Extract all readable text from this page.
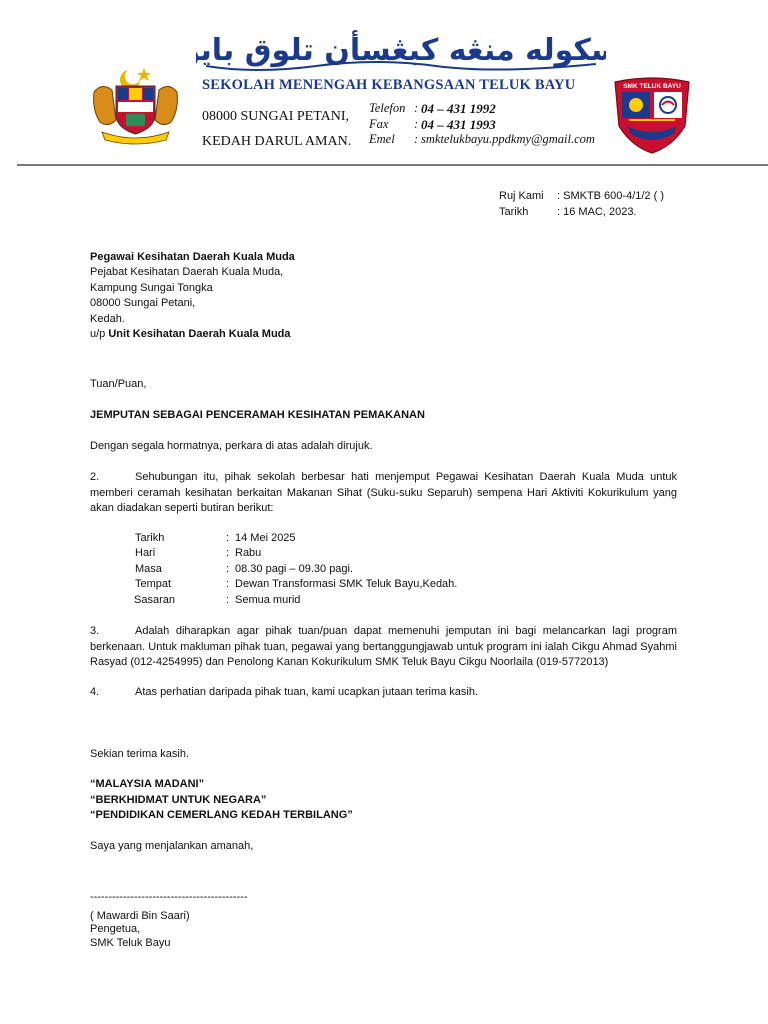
سكوله منڠه كبڠسأن تلوق بايو
SEKOLAH MENENGAH KEBANGSAAN TELUK BAYU
08000 SUNGAI PETANI,
KEDAH DARUL AMAN.
Telefon : 04 – 431 1992
Fax : 04 – 431 1993
Emel : smktelukbayu.ppdkmy@gmail.com
SMK TELUK BAYU
Ruj Kami : SMKTB 600-4/1/2 ( )
Tarikh	: 16 MAC, 2023.
Pegawai Kesihatan Daerah Kuala Muda
Pejabat Kesihatan Daerah Kuala Muda,
Kampung Sungai Tongka
08000 Sungai Petani,
Kedah.
u/p Unit Kesihatan Daerah Kuala Muda
Tuan/Puan,
JEMPUTAN SEBAGAI PENCERAMAH KESIHATAN PEMAKANAN
Dengan segala hormatnya, perkara di atas adalah dirujuk.
2.	Sehubungan itu, pihak sekolah berbesar hati menjemput Pegawai Kesihatan Daerah Kuala Muda untuk memberi ceramah kesihatan berkaitan Makanan Sihat (Suku-suku Separuh) sempena Hari Aktiviti Kokurikulum yang akan diadakan seperti butiran berikut:
Tarikh	: 14 Mei 2025
Hari	: Rabu
Masa	: 08.30 pagi – 09.30 pagi.
Tempat	: Dewan Transformasi SMK Teluk Bayu,Kedah.
Sasaran	: Semua murid
3.	Adalah diharapkan agar pihak tuan/puan dapat memenuhi jemputan ini bagi melancarkan lagi program berkenaan. Untuk makluman pihak tuan, pegawai yang bertanggungjawab untuk program ini ialah Cikgu Ahmad Syahmi Rasyad (012-4254995) dan Penolong Kanan Kokurikulum SMK Teluk Bayu Cikgu Noorlaila (019-5772013)
4.	Atas perhatian daripada pihak tuan, kami ucapkan jutaan terima kasih.
Sekian terima kasih.
“MALAYSIA MADANI”
“BERKHIDMAT UNTUK NEGARA”
“PENDIDIKAN CEMERLANG KEDAH TERBILANG”
Saya yang menjalankan amanah,
-------------------------------------------
( Mawardi Bin Saari)
Pengetua,
SMK Teluk Bayu
